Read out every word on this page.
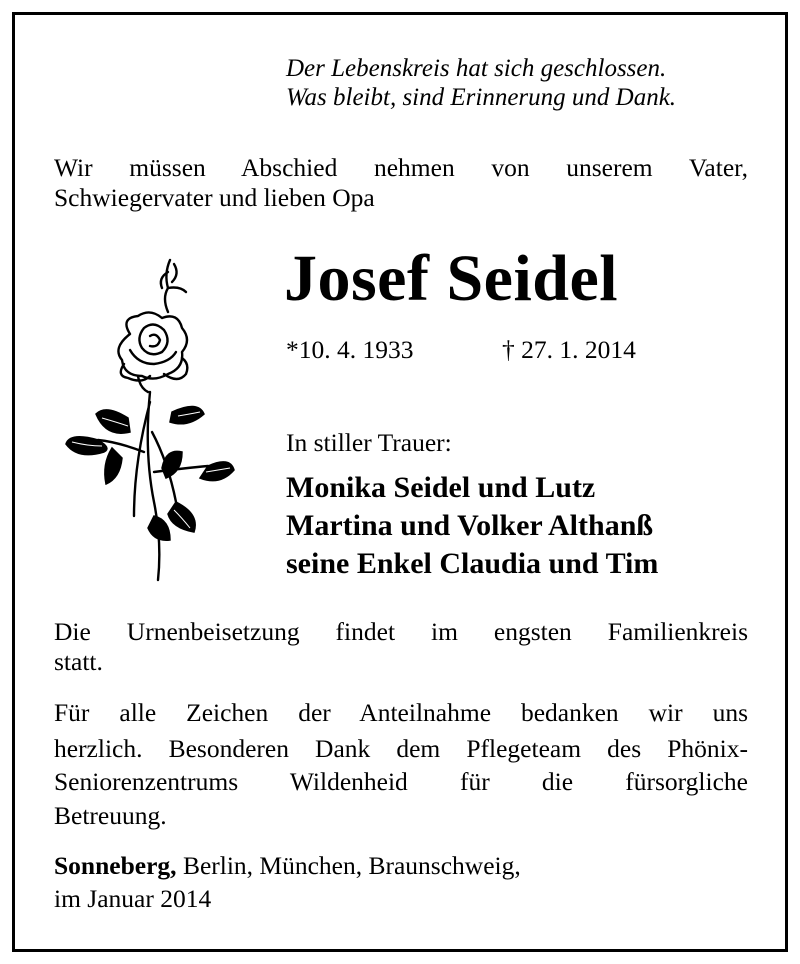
Der Lebenskreis hat sich geschlossen.

Was bleibt, sind Erinnerung und Dank.

Wir müssen Abschied nehmen von unserem Vater,

Schwiegervater und lieben Opa

Josef Seidel

*10. 4. 1933	† 27. 1. 2014

In stiller Trauer:

Monika Seidel und Lutz

Martina und Volker Althanß

seine Enkel Claudia und Tim

Die Urnenbeisetzung findet im engsten Familienkreis

statt.

Für alle Zeichen der Anteilnahme bedanken wir uns

herzlich. Besonderen Dank dem Pflegeteam des Phönix-

Seniorenzentrums Wildenheid für die fürsorgliche

Betreuung.

Sonneberg, Berlin, München, Braunschweig,

im Januar 2014
